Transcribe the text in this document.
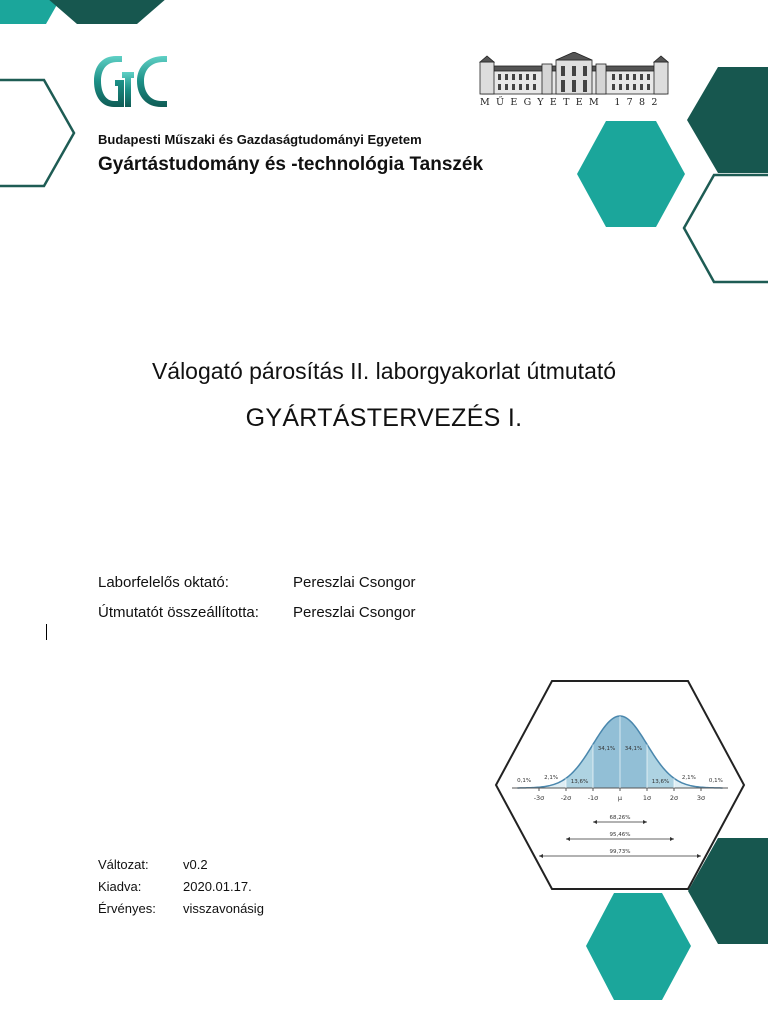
MŰEGYETEM 1782
Budapesti Műszaki és Gazdaságtudományi Egyetem
Gyártástudomány és -technológia Tanszék
Válogató párosítás II. laborgyakorlat útmutató
GYÁRTÁSTERVEZÉS I.
Laborfelelős oktató:	Pereszlai Csongor
Útmutatót összeállította: Pereszlai Csongor
Változat:	v0.2
Kiadva:	2020.01.17.
Érvényes: visszavonásig
-3σ	-2σ	-1σ	μ	1σ	2σ	3σ
0,1% 2,1%
13,6%
34,1% 34,1%
13,6%
2,1% 0,1%
68,26%
95,46%
99,73%
